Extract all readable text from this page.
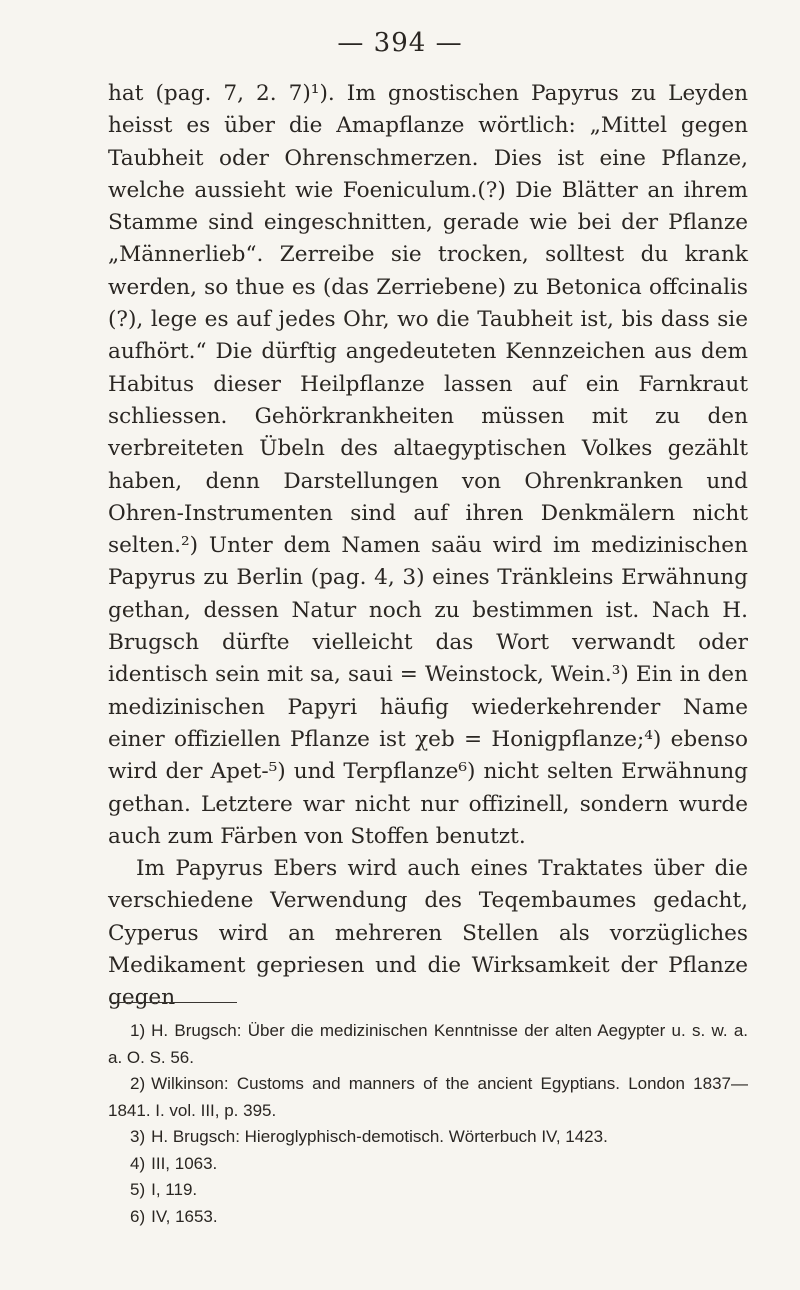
— 394 —

hat (pag. 7, 2. 7)¹). Im gnostischen Papyrus zu Leyden heisst es über die Amapflanze wörtlich: „Mittel gegen Taubheit oder Ohrenschmerzen. Dies ist eine Pflanze, welche aussieht wie Foeniculum.(?) Die Blätter an ihrem Stamme sind eingeschnitten, gerade wie bei der Pflanze „Männerlieb“. Zerreibe sie trocken, solltest du krank werden, so thue es (das Zerriebene) zu Betonica offcinalis (?), lege es auf jedes Ohr, wo die Taubheit ist, bis dass sie aufhört.“ Die dürftig angedeuteten Kennzeichen aus dem Habitus dieser Heilpflanze lassen auf ein Farnkraut schliessen. Gehörkrankheiten müssen mit zu den verbreiteten Übeln des altaegyptischen Volkes gezählt haben, denn Darstellungen von Ohrenkranken und Ohren-Instrumenten sind auf ihren Denkmälern nicht selten.²) Unter dem Namen saäu wird im medizinischen Papyrus zu Berlin (pag. 4, 3) eines Tränkleins Erwähnung gethan, dessen Natur noch zu bestimmen ist. Nach H. Brugsch dürfte vielleicht das Wort verwandt oder identisch sein mit sa, saui = Weinstock, Wein.³) Ein in den medizinischen Papyri häufig wiederkehrender Name einer offiziellen Pflanze ist χeb = Honigpflanze;⁴) ebenso wird der Apet-⁵) und Terpflanze⁶) nicht selten Erwähnung gethan. Letztere war nicht nur offizinell, sondern wurde auch zum Färben von Stoffen benutzt.

Im Papyrus Ebers wird auch eines Traktates über die verschiedene Verwendung des Teqembaumes gedacht, Cyperus wird an mehreren Stellen als vorzügliches Medikament gepriesen und die Wirksamkeit der Pflanze gegen

1) H. Brugsch: Über die medizinischen Kenntnisse der alten Aegypter u. s. w. a. a. O. S. 56.

2) Wilkinson: Customs and manners of the ancient Egyptians. London 1837—1841. I. vol. III, p. 395.

3) H. Brugsch: Hieroglyphisch-demotisch. Wörterbuch IV, 1423.

4) III, 1063.

5) I, 119.

6) IV, 1653.
